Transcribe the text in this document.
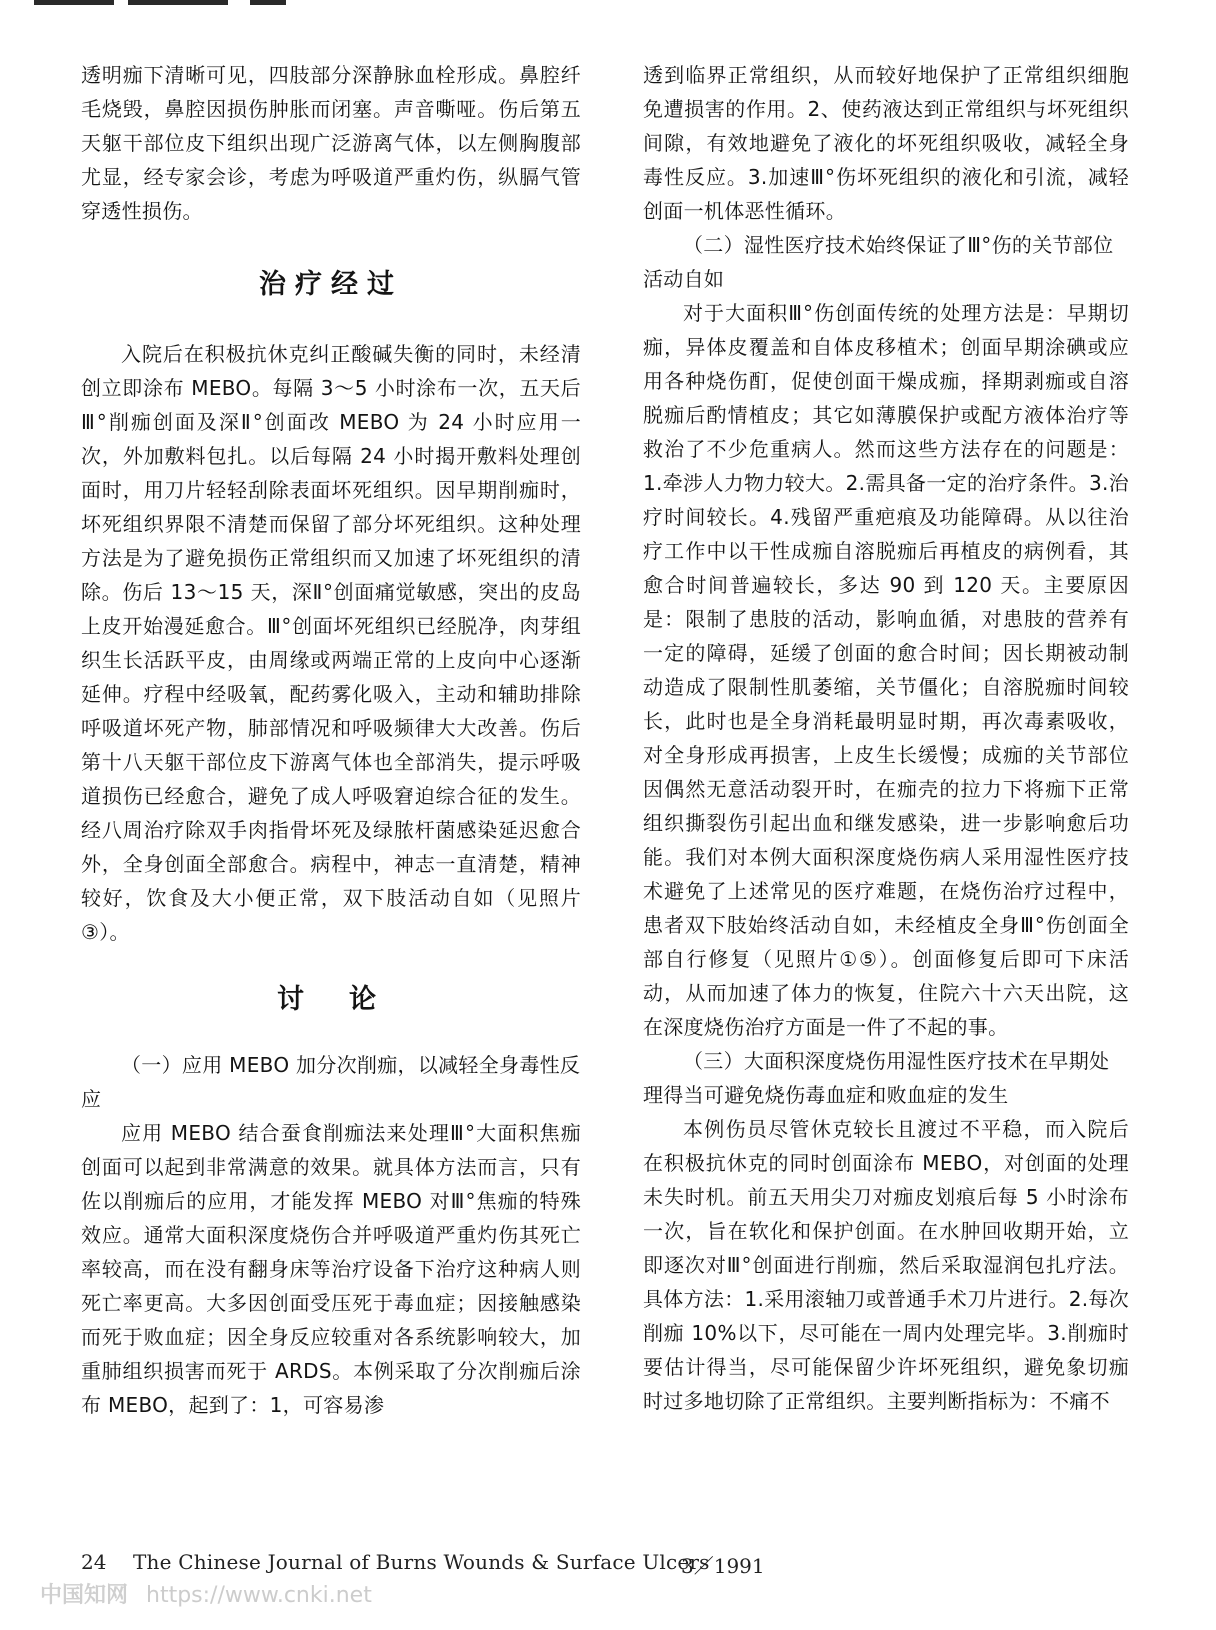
透明痂下清晰可见，四肢部分深静脉血栓形成。鼻腔纤毛烧毁，鼻腔因损伤肿胀而闭塞。声音嘶哑。伤后第五天躯干部位皮下组织出现广泛游离气体，以左侧胸腹部尤显，经专家会诊，考虑为呼吸道严重灼伤，纵膈气管穿透性损伤。

治疗经过

入院后在积极抗休克纠正酸碱失衡的同时，未经清创立即涂布 MEBO。每隔 3～5 小时涂布一次，五天后Ⅲ°削痂创面及深Ⅱ°创面改 MEBO 为 24 小时应用一次，外加敷料包扎。以后每隔 24 小时揭开敷料处理创面时，用刀片轻轻刮除表面坏死组织。因早期削痂时，坏死组织界限不清楚而保留了部分坏死组织。这种处理方法是为了避免损伤正常组织而又加速了坏死组织的清除。伤后 13～15 天，深Ⅱ°创面痛觉敏感，突出的皮岛上皮开始漫延愈合。Ⅲ°创面坏死组织已经脱净，肉芽组织生长活跃平皮，由周缘或两端正常的上皮向中心逐渐延伸。疗程中经吸氧，配药雾化吸入，主动和辅助排除呼吸道坏死产物，肺部情况和呼吸频律大大改善。伤后第十八天躯干部位皮下游离气体也全部消失，提示呼吸道损伤已经愈合，避免了成人呼吸窘迫综合征的发生。经八周治疗除双手肉指骨坏死及绿脓杆菌感染延迟愈合外，全身创面全部愈合。病程中，神志一直清楚，精神较好，饮食及大小便正常，双下肢活动自如（见照片③）。

讨　论

（一）应用 MEBO 加分次削痂，以减轻全身毒性反应

应用 MEBO 结合蚕食削痂法来处理Ⅲ°大面积焦痂创面可以起到非常满意的效果。就具体方法而言，只有佐以削痂后的应用，才能发挥 MEBO 对Ⅲ°焦痂的特殊效应。通常大面积深度烧伤合并呼吸道严重灼伤其死亡率较高，而在没有翻身床等治疗设备下治疗这种病人则死亡率更高。大多因创面受压死于毒血症；因接触感染而死于败血症；因全身反应较重对各系统影响较大，加重肺组织损害而死于 ARDS。本例采取了分次削痂后涂布 MEBO，起到了：1，可容易渗

透到临界正常组织，从而较好地保护了正常组织细胞免遭损害的作用。2、使药液达到正常组织与坏死组织间隙，有效地避免了液化的坏死组织吸收，减轻全身毒性反应。3.加速Ⅲ°伤坏死组织的液化和引流，减轻创面一机体恶性循环。

（二）湿性医疗技术始终保证了Ⅲ°伤的关节部位活动自如

对于大面积Ⅲ°伤创面传统的处理方法是：早期切痂，异体皮覆盖和自体皮移植术；创面早期涂碘或应用各种烧伤酊，促使创面干燥成痂，择期剥痂或自溶脱痂后酌情植皮；其它如薄膜保护或配方液体治疗等救治了不少危重病人。然而这些方法存在的问题是：1.牵涉人力物力较大。2.需具备一定的治疗条件。3.治疗时间较长。4.残留严重疤痕及功能障碍。从以往治疗工作中以干性成痂自溶脱痂后再植皮的病例看，其愈合时间普遍较长，多达 90 到 120 天。主要原因是：限制了患肢的活动，影响血循，对患肢的营养有一定的障碍，延缓了创面的愈合时间；因长期被动制动造成了限制性肌萎缩，关节僵化；自溶脱痂时间较长，此时也是全身消耗最明显时期，再次毒素吸收，对全身形成再损害，上皮生长缓慢；成痂的关节部位因偶然无意活动裂开时，在痂壳的拉力下将痂下正常组织撕裂伤引起出血和继发感染，进一步影响愈后功能。我们对本例大面积深度烧伤病人采用湿性医疗技术避免了上述常见的医疗难题，在烧伤治疗过程中，患者双下肢始终活动自如，未经植皮全身Ⅲ°伤创面全部自行修复（见照片①⑤）。创面修复后即可下床活动，从而加速了体力的恢复，住院六十六天出院，这在深度烧伤治疗方面是一件了不起的事。

（三）大面积深度烧伤用湿性医疗技术在早期处理得当可避免烧伤毒血症和败血症的发生

本例伤员尽管休克较长且渡过不平稳，而入院后在积极抗休克的同时创面涂布 MEBO，对创面的处理未失时机。前五天用尖刀对痂皮划痕后每 5 小时涂布一次，旨在软化和保护创面。在水肿回收期开始，立即逐次对Ⅲ°创面进行削痂，然后采取湿润包扎疗法。具体方法：1.采用滚轴刀或普通手术刀片进行。2.每次削痂 10%以下，尽可能在一周内处理完毕。3.削痂时要估计得当，尽可能保留少许坏死组织，避免象切痂时过多地切除了正常组织。主要判断指标为：不痛不

24 The Chinese Journal of Burns Wounds & Surface Ulcers
3／1991
中国知网 https://www.cnki.net
